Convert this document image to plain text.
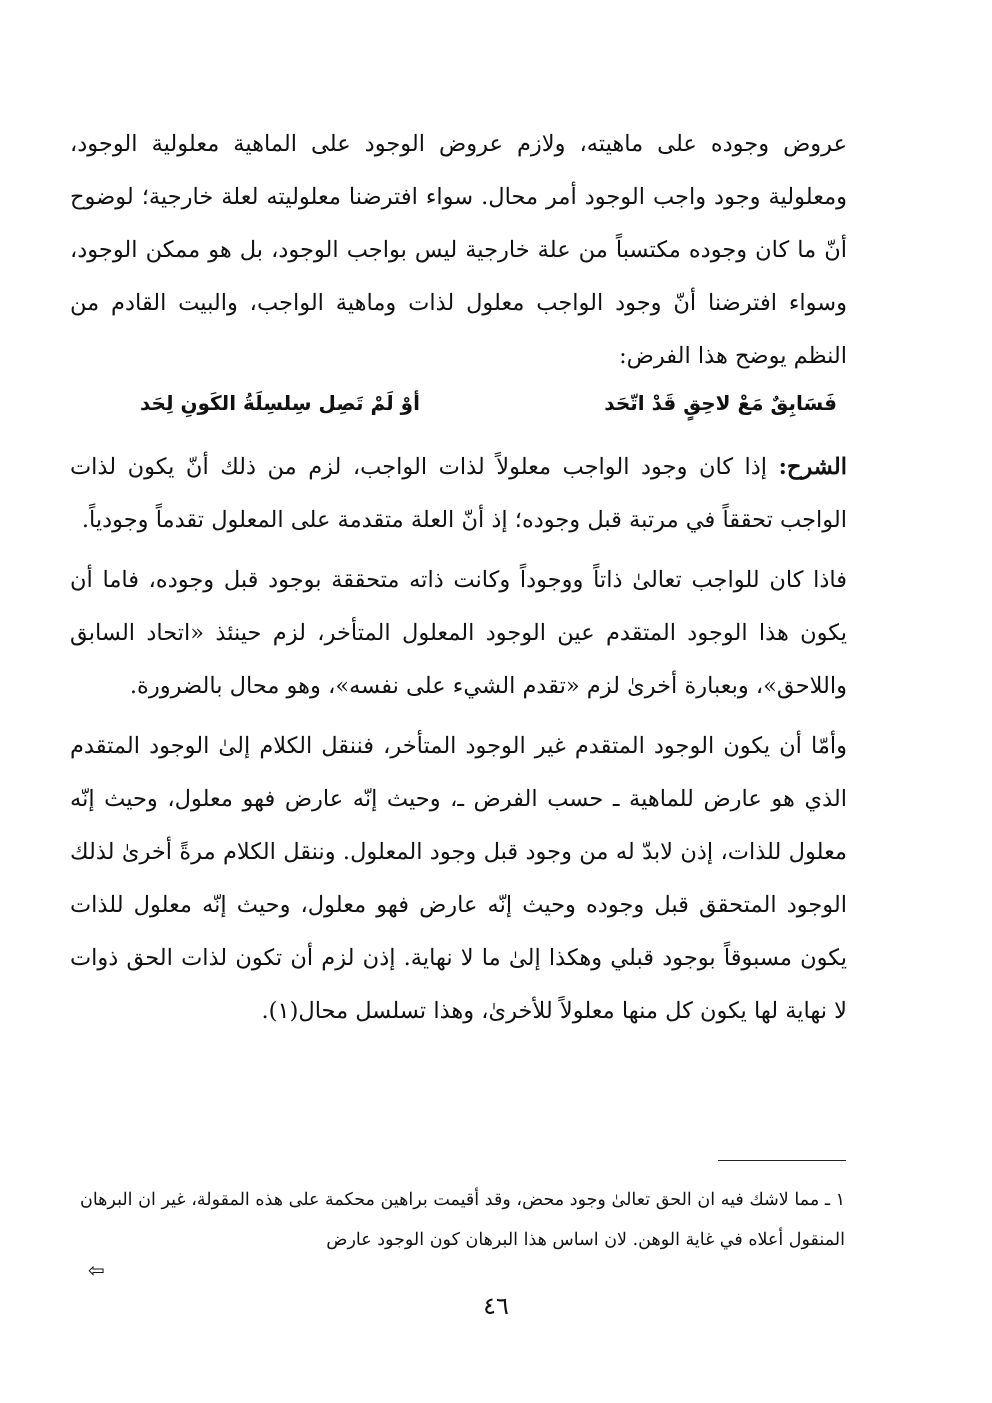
عروض وجوده على ماهيته، ولازم عروض الوجود على الماهية معلولية الوجود، ومعلولية وجود واجب الوجود أمر محال. سواء افترضنا معلوليته لعلة خارجية؛ لوضوح أنّ ما كان وجوده مكتسباً من علة خارجية ليس بواجب الوجود، بل هو ممكن الوجود، وسواء افترضنا أنّ وجود الواجب معلول لذات وماهية الواجب، والبيت القادم من النظم يوضح هذا الفرض:

فَسَابِقٌ مَعْ لاحِقٍ قَدْ اتّحَد
أوْ لَمْ تَصِل سِلسِلَةُ الكَونِ لِحَد

الشرح: إذا كان وجود الواجب معلولاً لذات الواجب، لزم من ذلك أنّ يكون لذات الواجب تحققاً في مرتبة قبل وجوده؛ إذ أنّ العلة متقدمة على المعلول تقدماً وجودياً.

فاذا كان للواجب تعالىٰ ذاتاً ووجوداً وكانت ذاته متحققة بوجود قبل وجوده، فاما أن يكون هذا الوجود المتقدم عين الوجود المعلول المتأخر، لزم حينئذ «اتحاد السابق واللاحق»، وبعبارة أخرىٰ لزم «تقدم الشيء على نفسه»، وهو محال بالضرورة.

وأمّا أن يكون الوجود المتقدم غير الوجود المتأخر، فننقل الكلام إلىٰ الوجود المتقدم الذي هو عارض للماهية ـ حسب الفرض ـ، وحيث إنّه عارض فهو معلول، وحيث إنّه معلول للذات، إذن لابدّ له من وجود قبل وجود المعلول. وننقل الكلام مرةً أخرىٰ لذلك الوجود المتحقق قبل وجوده وحيث إنّه عارض فهو معلول، وحيث إنّه معلول للذات يكون مسبوقاً بوجود قبلي وهكذا إلىٰ ما لا نهاية. إذن لزم أن تكون لذات الحق ذوات لا نهاية لها يكون كل منها معلولاً للأخرىٰ، وهذا تسلسل محال(١).

١ ـ مما لاشك فيه ان الحق تعالىٰ وجود محض، وقد أقيمت براهين محكمة على هذه المقولة، غير ان البرهان المنقول أعلاه في غاية الوهن. لان اساس هذا البرهان كون الوجود عارض
⇦
٤٦
